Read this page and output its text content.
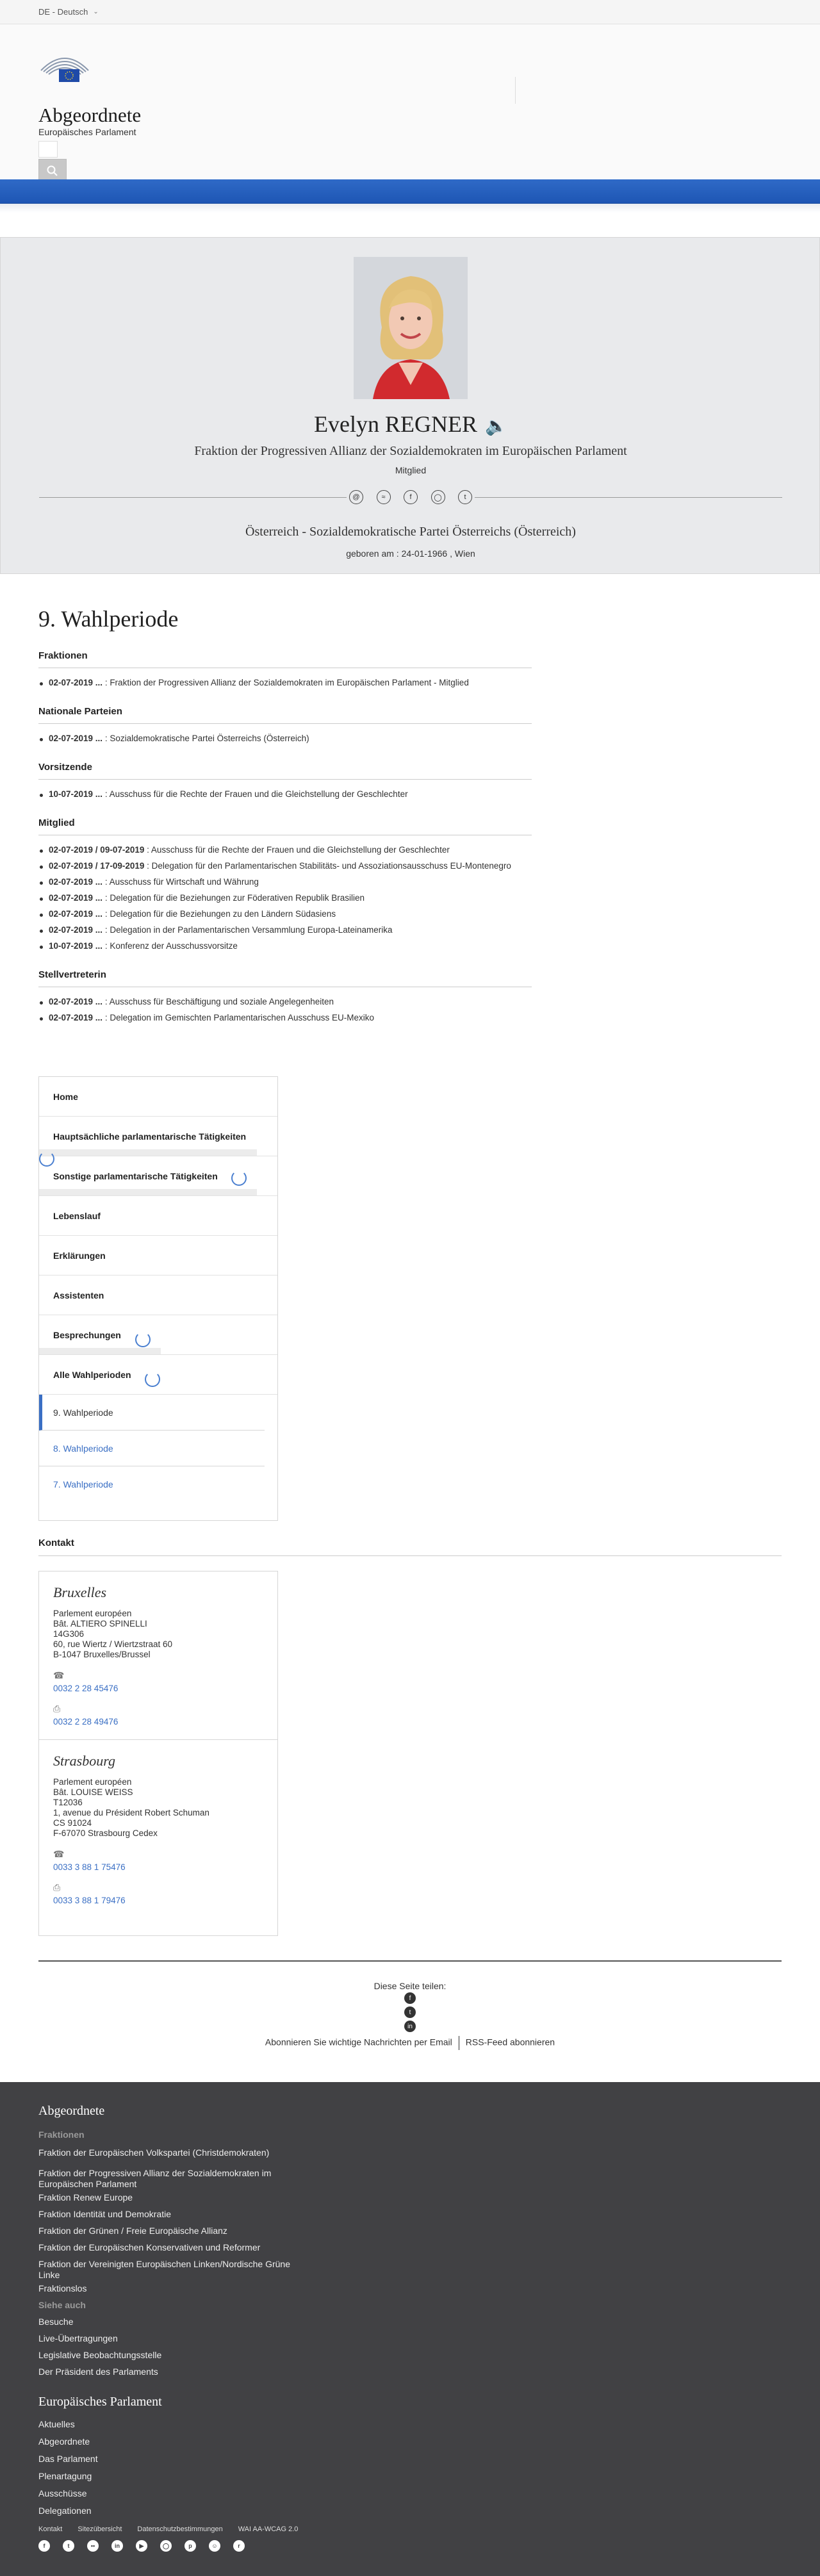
DE - Deutsch ⌄
Abgeordnete
Europäisches Parlament
Evelyn REGNER 🔈
Fraktion der Progressiven Allianz der Sozialdemokraten im Europäischen Parlament
Mitglied
@	≈	f	◯	t
Österreich - Sozialdemokratische Partei Österreichs (Österreich)
geboren am : 24-01-1966 , Wien
9. Wahlperiode
Fraktionen
02-07-2019 ... : Fraktion der Progressiven Allianz der Sozialdemokraten im Europäischen Parlament - Mitglied
Nationale Parteien
02-07-2019 ... : Sozialdemokratische Partei Österreichs (Österreich)
Vorsitzende
10-07-2019 ... : Ausschuss für die Rechte der Frauen und die Gleichstellung der Geschlechter
Mitglied
02-07-2019 / 09-07-2019 : Ausschuss für die Rechte der Frauen und die Gleichstellung der Geschlechter
02-07-2019 / 17-09-2019 : Delegation für den Parlamentarischen Stabilitäts- und Assoziationsausschuss EU-Montenegro
02-07-2019 ... : Ausschuss für Wirtschaft und Währung
02-07-2019 ... : Delegation für die Beziehungen zur Föderativen Republik Brasilien
02-07-2019 ... : Delegation für die Beziehungen zu den Ländern Südasiens
02-07-2019 ... : Delegation in der Parlamentarischen Versammlung Europa-Lateinamerika
10-07-2019 ... : Konferenz der Ausschussvorsitze
Stellvertreterin
02-07-2019 ... : Ausschuss für Beschäftigung und soziale Angelegenheiten
02-07-2019 ... : Delegation im Gemischten Parlamentarischen Ausschuss EU-Mexiko
Home
Hauptsächliche parlamentarische Tätigkeiten
Sonstige parlamentarische Tätigkeiten
Lebenslauf
Erklärungen
Assistenten
Besprechungen
Alle Wahlperioden
9. Wahlperiode
8. Wahlperiode
7. Wahlperiode
Kontakt
Bruxelles
Parlement européen
Bât. ALTIERO SPINELLI
14G306
60, rue Wiertz / Wiertzstraat 60
B-1047 Bruxelles/Brussel
☎
0032 2 28 45476
⎙
0032 2 28 49476
Strasbourg
Parlement européen
Bât. LOUISE WEISS
T12036
1, avenue du Président Robert Schuman
CS 91024
F-67070 Strasbourg Cedex
☎
0033 3 88 1 75476
⎙
0033 3 88 1 79476
Diese Seite teilen:
f
t
in
Abonnieren Sie wichtige Nachrichten per Email RSS-Feed abonnieren
Abgeordnete
Fraktionen
Fraktion der Europäischen Volkspartei (Christdemokraten)
Fraktion der Progressiven Allianz der Sozialdemokraten im Europäischen Parlament
Fraktion Renew Europe
Fraktion Identität und Demokratie
Fraktion der Grünen / Freie Europäische Allianz
Fraktion der Europäischen Konservativen und Reformer
Fraktion der Vereinigten Europäischen Linken/Nordische Grüne Linke
Fraktionslos
Siehe auch
Besuche
Live-Übertragungen
Legislative Beobachtungsstelle
Der Präsident des Parlaments
Europäisches Parlament
Aktuelles
Abgeordnete
Das Parlament
Plenartagung
Ausschüsse
Delegationen
Kontakt Sitezübersicht Datenschutzbestimmungen WAI AA-WCAG 2.0
f	t	••	in	▶	◯	p	☺	r
